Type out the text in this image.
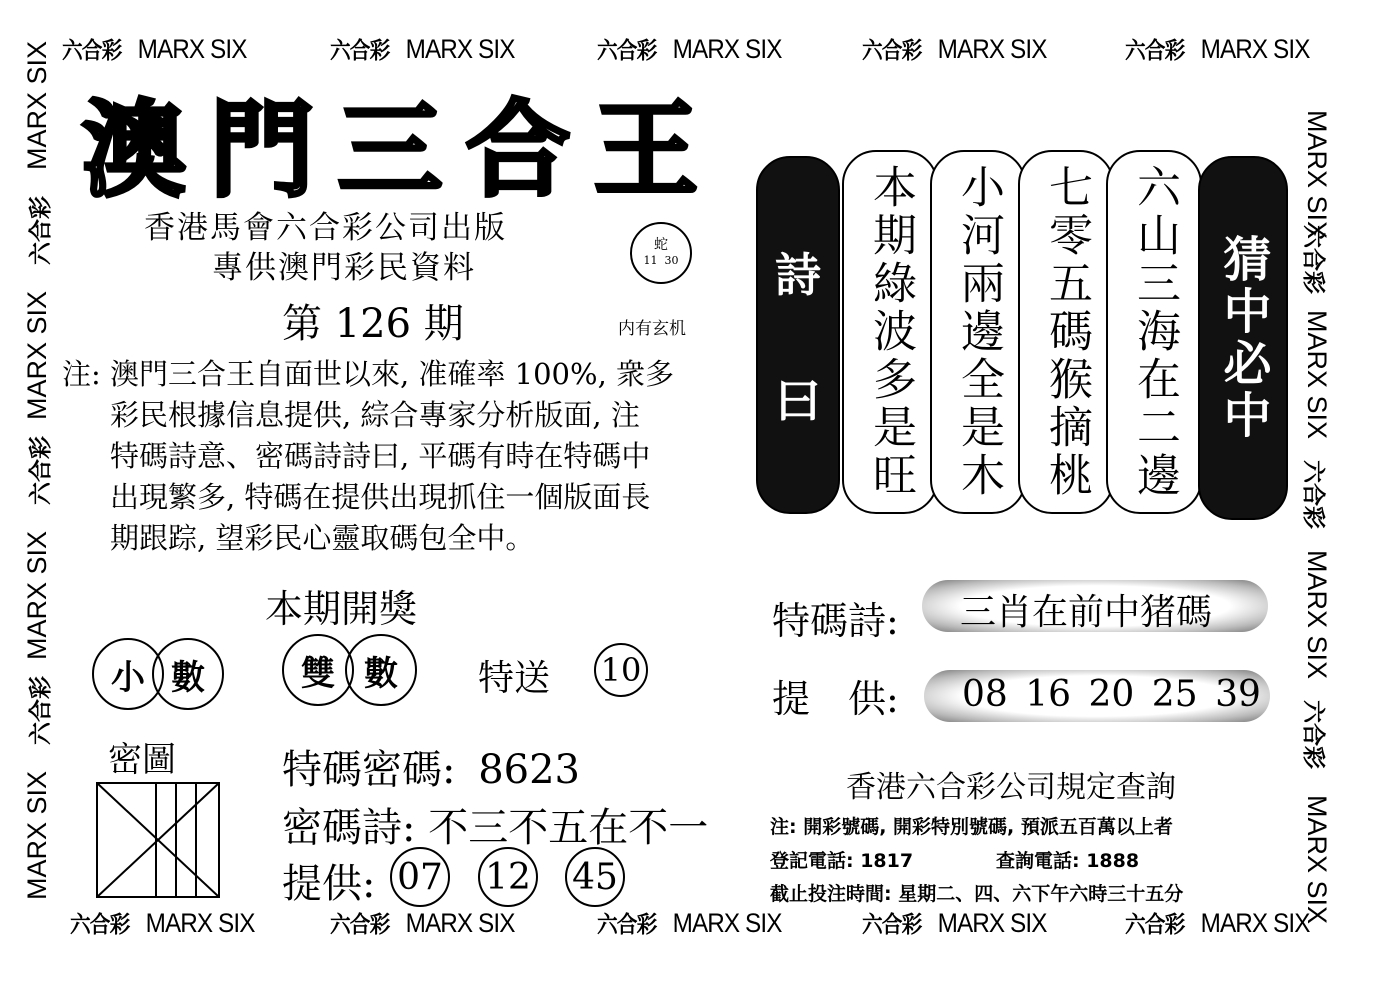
六合彩 MARX SIX	六合彩 MARX SIX	六合彩 MARX SIX	六合彩 MARX SIX	六合彩 MARX SIX
六合彩 MARX SIX	六合彩 MARX SIX	六合彩 MARX SIX	六合彩 MARX SIX	六合彩 MARX SIX
MARX SIX
六合彩
MARX SIX
六合彩
MARX SIX
六合彩
MARX SIX
MARX SIX
六合彩
MARX SIX
六合彩
MARX SIX
六合彩
MARX SIX
澳門三合王
香港馬會六合彩公司出版
專供澳門彩民資料
蛇
11 30
内有玄机
第 126 期
注: 澳門三合王自面世以來, 准確率 100%, 衆多
彩民根據信息提供, 綜合專家分析版面, 注
特碼詩意、密碼詩詩曰, 平碼有時在特碼中
出現繁多, 特碼在提供出現抓住一個版面長
期跟踪, 望彩民心靈取碼包全中。
本期開獎
小 數	雙 數	特送 10
密圖	特碼密碼: 8623
密碼詩: 不三不五在不一
提供: 07 12 45
詩
曰 本期綠波多是旺 小河兩邊全是木 七零五碼猴摘桃 六山三海在二邊 猜中必中
特碼詩: 三肖在前中猪碼
提　供: 08 16 20 25 39
香港六合彩公司規定查詢
注: 開彩號碼, 開彩特別號碼, 預派五百萬以上者
登記電話: 1817	查詢電話: 1888
截止投注時間: 星期二、四、六下午六時三十五分
